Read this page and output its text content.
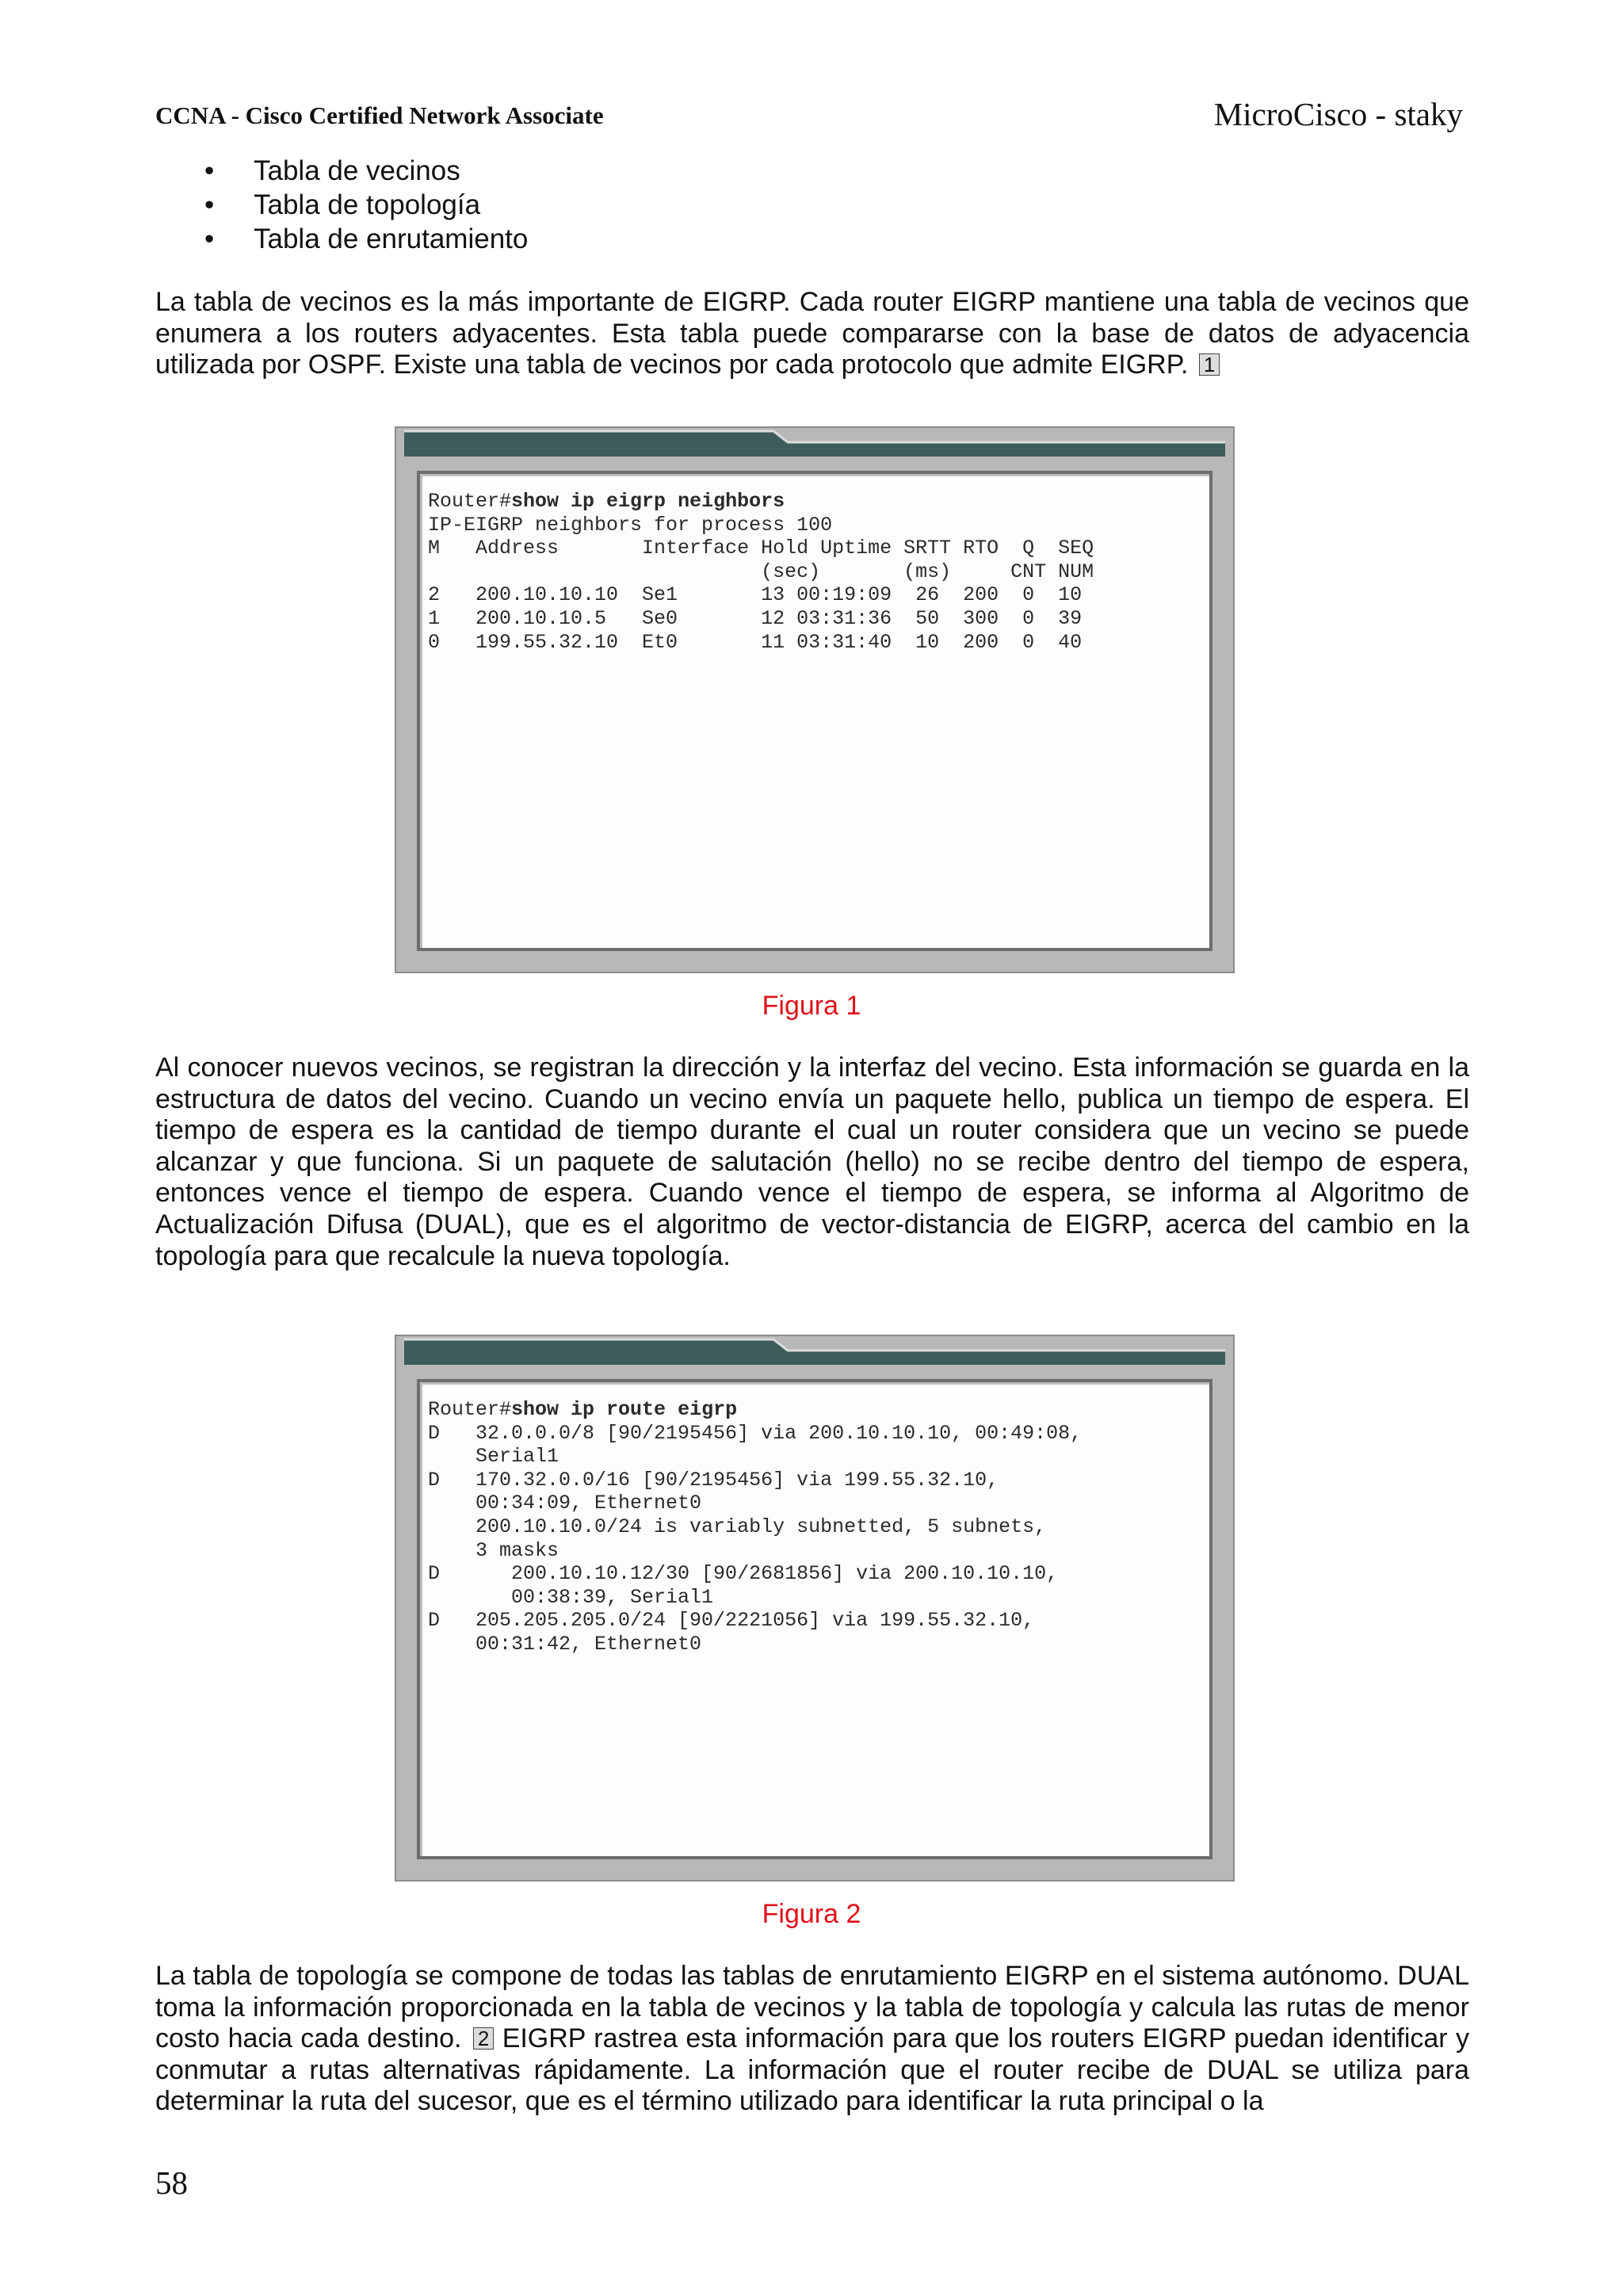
CCNA - Cisco Certified Network Associate	MicroCisco - staky
• Tabla de vecinos
• Tabla de topología
• Tabla de enrutamiento

La tabla de vecinos es la más importante de EIGRP. Cada router EIGRP mantiene una tabla de vecinos que enumera a los routers adyacentes. Esta tabla puede compararse con la base de datos de adyacencia utilizada por OSPF. Existe una tabla de vecinos por cada protocolo que admite EIGRP. 1

Router#show ip eigrp neighbors
IP-EIGRP neighbors for process 100
M   Address       Interface Hold Uptime SRTT RTO  Q  SEQ
(sec)       (ms)     CNT NUM
2   200.10.10.10  Se1       13 00:19:09  26  200  0  10
1   200.10.10.5   Se0       12 03:31:36  50  300  0  39
0   199.55.32.10  Et0       11 03:31:40  10  200  0  40
Figura 1

Al conocer nuevos vecinos, se registran la dirección y la interfaz del vecino. Esta información se guarda en la estructura de datos del vecino. Cuando un vecino envía un paquete hello, publica un tiempo de espera. El tiempo de espera es la cantidad de tiempo durante el cual un router considera que un vecino se puede alcanzar y que funciona. Si un paquete de salutación (hello) no se recibe dentro del tiempo de espera, entonces vence el tiempo de espera. Cuando vence el tiempo de espera, se informa al Algoritmo de Actualización Difusa (DUAL), que es el algoritmo de vector-distancia de EIGRP, acerca del cambio en la topología para que recalcule la nueva topología.

Router#show ip route eigrp
D   32.0.0.0/8 [90/2195456] via 200.10.10.10, 00:49:08,
Serial1
D   170.32.0.0/16 [90/2195456] via 199.55.32.10,
00:34:09, Ethernet0
200.10.10.0/24 is variably subnetted, 5 subnets,
3 masks
D      200.10.10.12/30 [90/2681856] via 200.10.10.10,
00:38:39, Serial1
D   205.205.205.0/24 [90/2221056] via 199.55.32.10,
00:31:42, Ethernet0
Figura 2

La tabla de topología se compone de todas las tablas de enrutamiento EIGRP en el sistema autónomo. DUAL toma la información proporcionada en la tabla de vecinos y la tabla de topología y calcula las rutas de menor costo hacia cada destino. 2 EIGRP rastrea esta información para que los routers EIGRP puedan identificar y conmutar a rutas alternativas rápidamente. La información que el router recibe de DUAL se utiliza para determinar la ruta del sucesor, que es el término utilizado para identificar la ruta principal o la

58
